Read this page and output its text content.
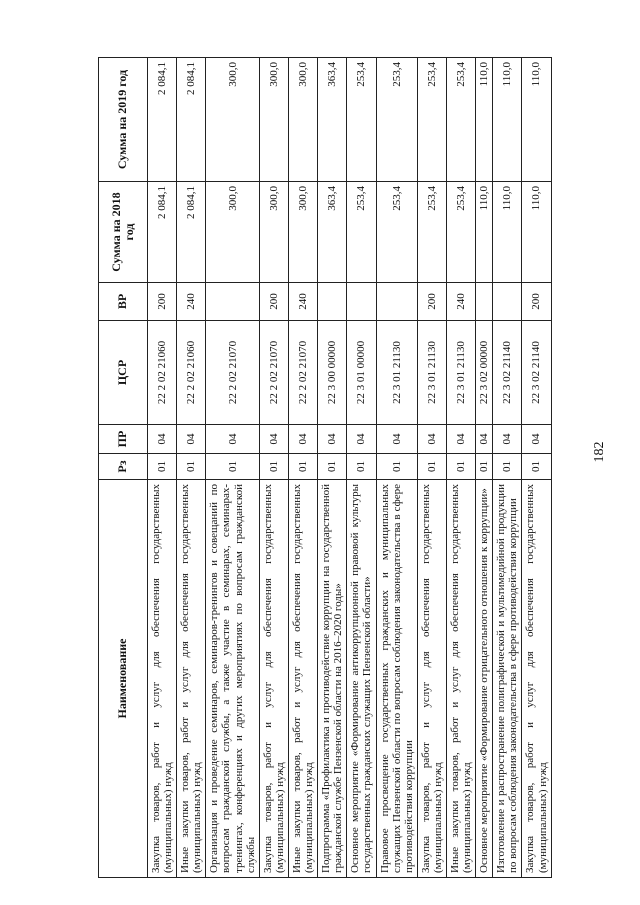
182
Наименование	Рз	ПР	ЦСР	ВР	Сумма на 2018 год	Сумма на 2019 год
Закупка товаров, работ и услуг для обеспечения государственных (муниципальных) нужд	01	04	22 2 02 21060	200	2 084,1	2 084,1
Иные закупки товаров, работ и услуг для обеспечения государственных (муниципальных) нужд	01	04	22 2 02 21060	240	2 084,1	2 084,1
Организация и проведение семинаров, семинаров-тренингов и совещаний по вопросам гражданской службы, а также участие в семинарах, семинарах-тренингах, конференциях и других мероприятиях по вопросам гражданской службы	01	04	22 2 02 21070		300,0	300,0
Закупка товаров, работ и услуг для обеспечения государственных (муниципальных) нужд	01	04	22 2 02 21070	200	300,0	300,0
Иные закупки товаров, работ и услуг для обеспечения государственных (муниципальных) нужд	01	04	22 2 02 21070	240	300,0	300,0
Подпрограмма «Профилактика и противодействие коррупции на государственной гражданской службе Пензенской области на 2016–2020 годы»	01	04	22 3 00 00000		363,4	363,4
Основное мероприятие «Формирование антикоррупционной правовой культуры государственных гражданских служащих Пензенской области»	01	04	22 3 01 00000		253,4	253,4
Правовое просвещение государственных гражданских и муниципальных служащих Пензенской области по вопросам соблюдения законодательства в сфере противодействия коррупции	01	04	22 3 01 21130		253,4	253,4
Закупка товаров, работ и услуг для обеспечения государственных (муниципальных) нужд	01	04	22 3 01 21130	200	253,4	253,4
Иные закупки товаров, работ и услуг для обеспечения государственных (муниципальных) нужд	01	04	22 3 01 21130	240	253,4	253,4
Основное мероприятие «Формирование отрицательного отношения к коррупции»	01	04	22 3 02 00000		110,0	110,0
Изготовление и распространение полиграфической и мультимедийной продукции по вопросам соблюдения законодательства в сфере противодействия коррупции	01	04	22 3 02 21140		110,0	110,0
Закупка товаров, работ и услуг для обеспечения государственных (муниципальных) нужд	01	04	22 3 02 21140	200	110,0	110,0
